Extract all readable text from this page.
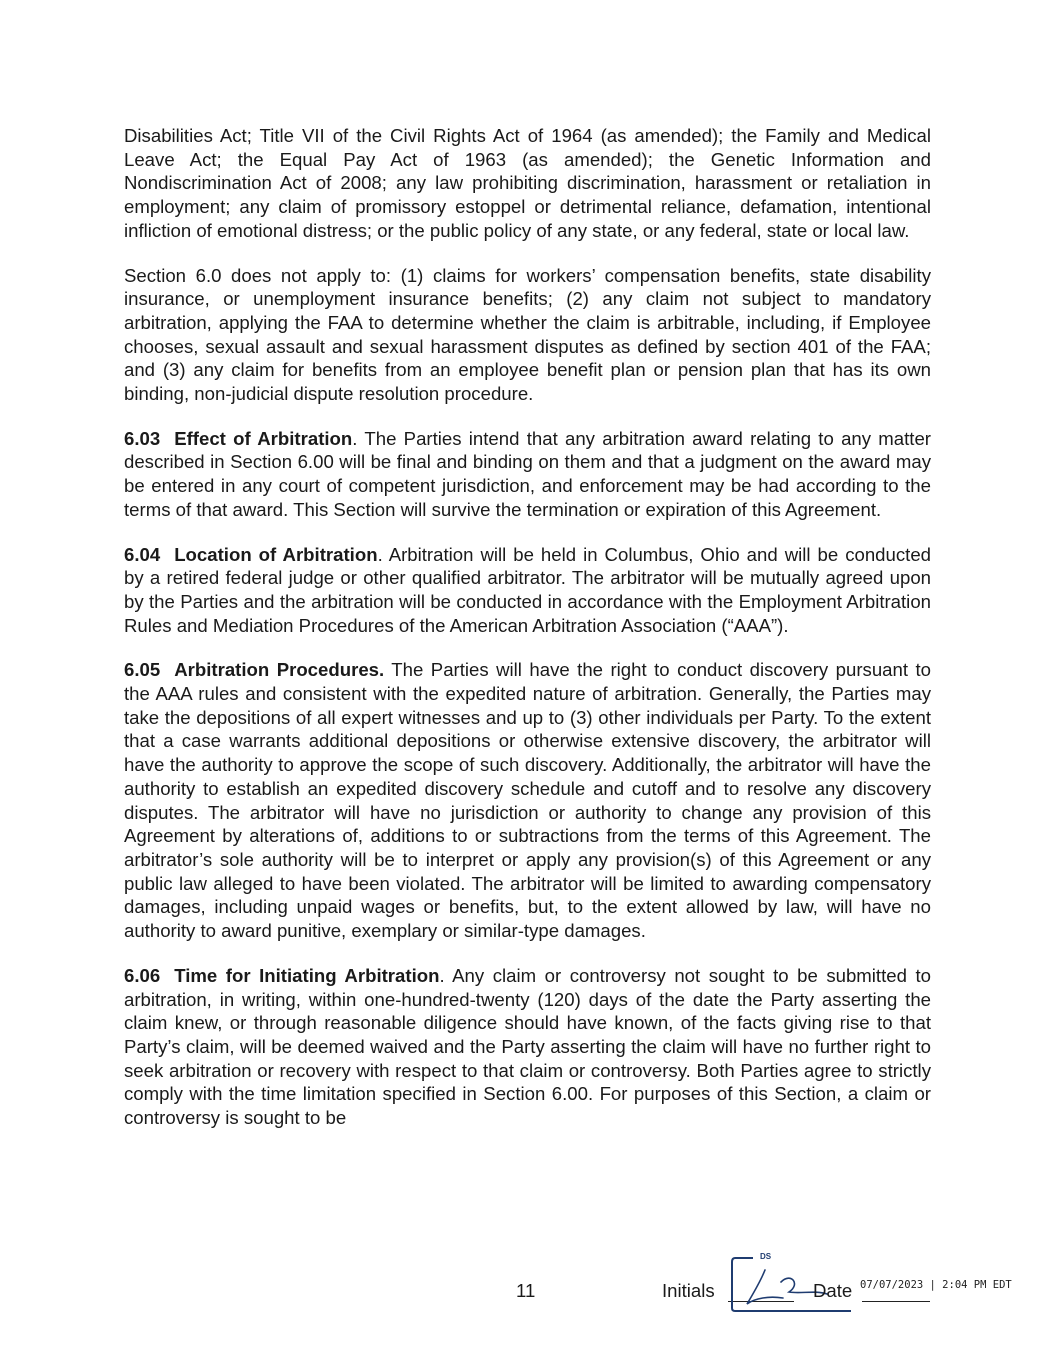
Disabilities Act; Title VII of the Civil Rights Act of 1964 (as amended); the Family and Medical Leave Act; the Equal Pay Act of 1963 (as amended); the Genetic Information and Nondiscrimination Act of 2008; any law prohibiting discrimination, harassment or retaliation in employment; any claim of promissory estoppel or detrimental reliance, defamation, intentional infliction of emotional distress; or the public policy of any state, or any federal, state or local law.

Section 6.0 does not apply to: (1) claims for workers’ compensation benefits, state disability insurance, or unemployment insurance benefits; (2) any claim not subject to mandatory arbitration, applying the FAA to determine whether the claim is arbitrable, including, if Employee chooses, sexual assault and sexual harassment disputes as defined by section 401 of the FAA; and (3) any claim for benefits from an employee benefit plan or pension plan that has its own binding, non-judicial dispute resolution procedure.

6.03 Effect of Arbitration. The Parties intend that any arbitration award relating to any matter described in Section 6.00 will be final and binding on them and that a judgment on the award may be entered in any court of competent jurisdiction, and enforcement may be had according to the terms of that award. This Section will survive the termination or expiration of this Agreement.

6.04 Location of Arbitration. Arbitration will be held in Columbus, Ohio and will be conducted by a retired federal judge or other qualified arbitrator. The arbitrator will be mutually agreed upon by the Parties and the arbitration will be conducted in accordance with the Employment Arbitration Rules and Mediation Procedures of the American Arbitration Association (“AAA”).

6.05 Arbitration Procedures. The Parties will have the right to conduct discovery pursuant to the AAA rules and consistent with the expedited nature of arbitration. Generally, the Parties may take the depositions of all expert witnesses and up to (3) other individuals per Party. To the extent that a case warrants additional depositions or otherwise extensive discovery, the arbitrator will have the authority to approve the scope of such discovery. Additionally, the arbitrator will have the authority to establish an expedited discovery schedule and cutoff and to resolve any discovery disputes. The arbitrator will have no jurisdiction or authority to change any provision of this Agreement by alterations of, additions to or subtractions from the terms of this Agreement. The arbitrator’s sole authority will be to interpret or apply any provision(s) of this Agreement or any public law alleged to have been violated. The arbitrator will be limited to awarding compensatory damages, including unpaid wages or benefits, but, to the extent allowed by law, will have no authority to award punitive, exemplary or similar-type damages.

6.06 Time for Initiating Arbitration. Any claim or controversy not sought to be submitted to arbitration, in writing, within one-hundred-twenty (120) days of the date the Party asserting the claim knew, or through reasonable diligence should have known, of the facts giving rise to that Party’s claim, will be deemed waived and the Party asserting the claim will have no further right to seek arbitration or recovery with respect to that claim or controversy. Both Parties agree to strictly comply with the time limitation specified in Section 6.00. For purposes of this Section, a claim or controversy is sought to be

11	Initials
DS
Date 07/07/2023 | 2:04 PM EDT
